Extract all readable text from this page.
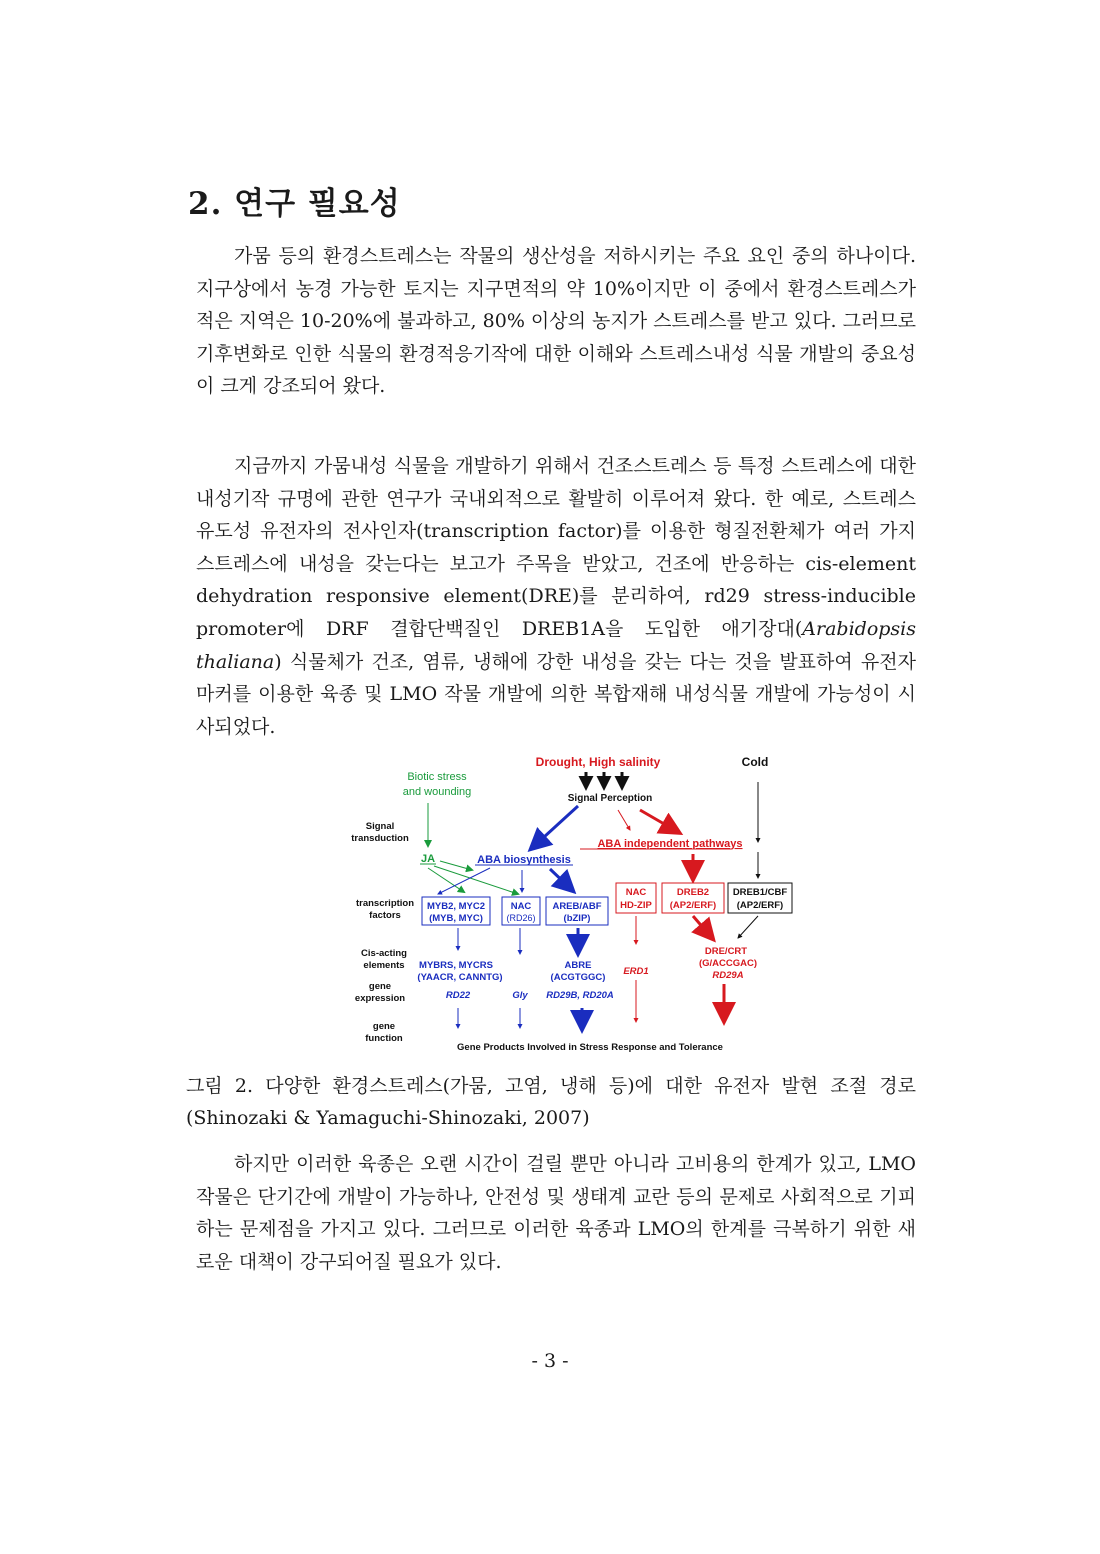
2. 연구 필요성

가뭄 등의 환경스트레스는 작물의 생산성을 저하시키는 주요 요인 중의 하나이다. 지구상에서 농경 가능한 토지는 지구면적의 약 10%이지만 이 중에서 환경스트레스가 적은 지역은 10-20%에 불과하고, 80% 이상의 농지가 스트레스를 받고 있다. 그러므로 기후변화로 인한 식물의 환경적응기작에 대한 이해와 스트레스내성 식물 개발의 중요성이 크게 강조되어 왔다.

지금까지 가뭄내성 식물을 개발하기 위해서 건조스트레스 등 특정 스트레스에 대한 내성기작 규명에 관한 연구가 국내외적으로 활발히 이루어져 왔다. 한 예로, 스트레스 유도성 유전자의 전사인자(transcription factor)를 이용한 형질전환체가 여러 가지 스트레스에 내성을 갖는다는 보고가 주목을 받았고, 건조에 반응하는 cis-element dehydration responsive element(DRE)를 분리하여, rd29 stress-inducible promoter에 DRF 결합단백질인 DREB1A을 도입한 애기장대(Arabidopsis thaliana) 식물체가 건조, 염류, 냉해에 강한 내성을 갖는 다는 것을 발표하여 유전자 마커를 이용한 육종 및 LMO 작물 개발에 의한 복합재해 내성식물 개발에 가능성이 시사되었다.

Drought, High salinity	Cold
Biotic stress
and wounding
Signal Perception
Signal
transduction
transcription
factors
Cis-acting
elements
gene
expression
gene
function
ABA independent pathways
JA	ABA biosynthesis
MYB2, MYC2
(MYB, MYC)
NAC
(RD26)
AREB/ABF
(bZIP)
NAC
HD-ZIP
DREB2
(AP2/ERF)
DREB1/CBF
(AP2/ERF)
MYBRS, MYCRS
(YAACR, CANNTG)
ABRE
(ACGTGGC)
DRE/CRT
(G/ACCGAC)
RD22	Gly RD29B, RD20A
ERD1	RD29A
Gene Products Involved in Stress Response and Tolerance

그림 2. 다양한 환경스트레스(가뭄, 고염, 냉해 등)에 대한 유전자 발현 조절 경로(Shinozaki & Yamaguchi-Shinozaki, 2007)

하지만 이러한 육종은 오랜 시간이 걸릴 뿐만 아니라 고비용의 한계가 있고, LMO 작물은 단기간에 개발이 가능하나, 안전성 및 생태계 교란 등의 문제로 사회적으로 기피하는 문제점을 가지고 있다. 그러므로 이러한 육종과 LMO의 한계를 극복하기 위한 새로운 대책이 강구되어질 필요가 있다.

- 3 -
